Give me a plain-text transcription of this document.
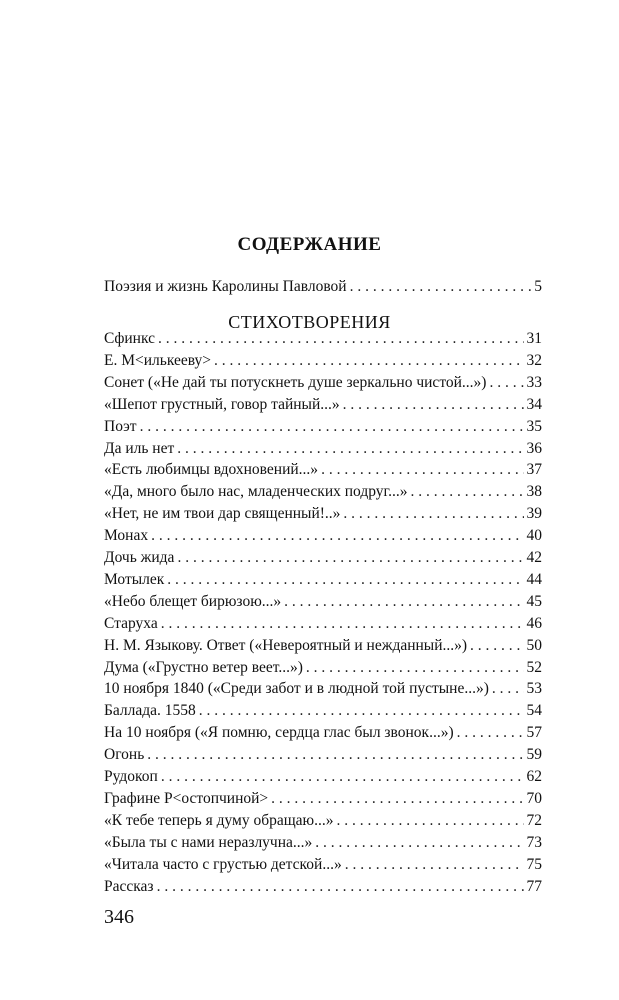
СОДЕРЖАНИЕ
Поэзия и жизнь Каролины Павловой . . .	5
СТИХОТВОРЕНИЯ
Сфинкс . . .	31
Е. М<илькееву> . . .	32
Сонет («Не дай ты потускнеть душе зеркально чистой...») . . .	33
«Шепот грустный, говор тайный...» . . .	34
Поэт . . .	35
Да иль нет . . .	36
«Есть любимцы вдохновений...» . . .	37
«Да, много было нас, младенческих подруг...» . . .	38
«Нет, не им твои дар священный!..» . . .	39
Монах . . .	40
Дочь жида . . .	42
Мотылек . . .	44
«Небо блещет бирюзою...» . . .	45
Старуха . . .	46
Н. М. Языкову. Ответ («Невероятный и нежданный...») . . .	50
Дума («Грустно ветер веет...») . . .	52
10 ноября 1840 («Среди забот и в людной той пустыне...») . . . 53
Баллада. 1558 . . .	54
На 10 ноября («Я помню, сердца глас был звонок...») . . .	57
Огонь . . .	59
Рудокоп . . .	62
Графине Р<остопчиной> . . .	70
«К тебе теперь я думу обращаю...» . . .	72
«Была ты с нами неразлучна...» . . .	73
«Читала часто с грустью детской...» . . .	75
Рассказ . . .	77
346
